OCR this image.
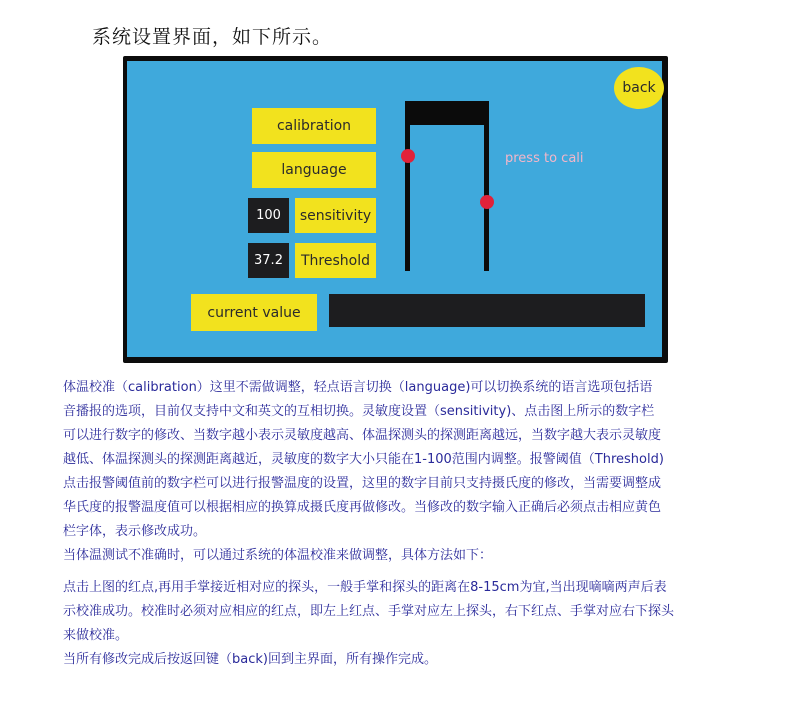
系统设置界面，如下所示。
back
calibration
language
100	sensitivity
37.2	Threshold
current value
press to cali

体温校准（calibration）这里不需做调整，轻点语言切换（language)可以切换系统的语言选项包括语

音播报的选项，目前仅支持中文和英文的互相切换。灵敏度设置（sensitivity)、点击图上所示的数字栏

可以进行数字的修改、当数字越小表示灵敏度越高、体温探测头的探测距离越远，当数字越大表示灵敏度

越低、体温探测头的探测距离越近，灵敏度的数字大小只能在1-100范围内调整。报警阈值（Threshold)

点击报警阈值前的数字栏可以进行报警温度的设置，这里的数字目前只支持摄氏度的修改，当需要调整成

华氏度的报警温度值可以根据相应的换算成摄氏度再做修改。当修改的数字输入正确后必须点击相应黄色

栏字体，表示修改成功。

当体温测试不准确时，可以通过系统的体温校准来做调整，具体方法如下：

点击上图的红点,再用手掌接近相对应的探头，一般手掌和探头的距离在8-15cm为宜,当出现嘀嘀两声后表

示校准成功。校准时必须对应相应的红点，即左上红点、手掌对应左上探头，右下红点、手掌对应右下探头

来做校准。

当所有修改完成后按返回键（back)回到主界面，所有操作完成。
